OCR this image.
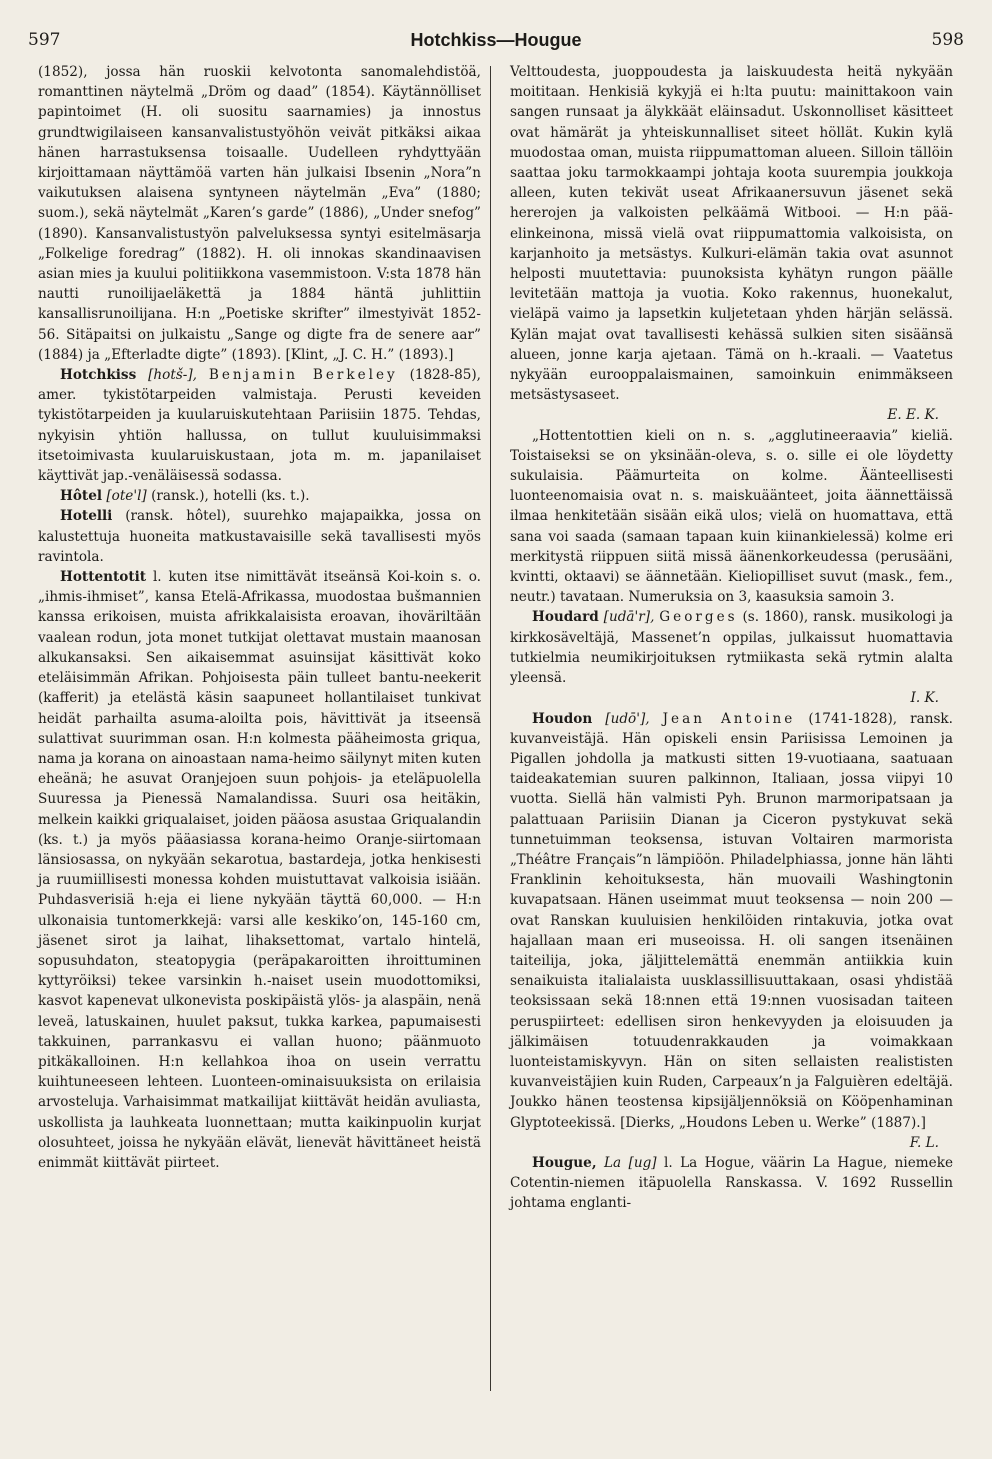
597	Hotchkiss—Hougue	598

(1852), jossa hän ruoskii kelvotonta sanomalehdistöä, romanttinen näytelmä „Dröm og daad” (1854). Käytännölliset papintoimet (H. oli suositu saarnamies) ja innostus grundtwigilaiseen kansanvalistustyöhön veivät pitkäksi aikaa hänen harrastuksensa toisaalle. Uudelleen ryhdyttyään kirjoittamaan näyttämöä varten hän julkaisi Ibsenin „Nora”n vaikutuksen alaisena syntyneen näytelmän „Eva” (1880; suom.), sekä näytelmät „Karen’s garde” (1886), „Under snefog” (1890). Kansanvalistustyön palveluksessa syntyi esitelmäsarja „Folkelige foredrag” (1882). H. oli innokas skandinaavisen asian mies ja kuului politiikkona vasemmistoon. V:sta 1878 hän nautti runoilijaeläkettä ja 1884 häntä juhlittiin kansallisrunoilijana. H:n „Poetiske skrifter” ilmestyivät 1852-56. Sitäpaitsi on julkaistu „Sange og digte fra de senere aar” (1884) ja „Efterladte digte” (1893). [Klint, „J. C. H.” (1893).]

Hotchkiss [hotš-], Benjamin Berkeley (1828-85), amer. tykistötarpeiden valmistaja. Perusti keveiden tykistötarpeiden ja kuularuiskutehtaan Pariisiin 1875. Tehdas, nykyisin yhtiön hallussa, on tullut kuuluisimmaksi itsetoimivasta kuularuiskustaan, jota m. m. japanilaiset käyttivät jap.-venäläisessä sodassa.

Hôtel [ote'l] (ransk.), hotelli (ks. t.).

Hotelli (ransk. hôtel), suurehko majapaikka, jossa on kalustettuja huoneita matkustavaisille sekä tavallisesti myös ravintola.

Hottentotit l. kuten itse nimittävät itseänsä Koi-koin s. o. „ihmis-ihmiset”, kansa Etelä-Afrikassa, muodostaa bušmannien kanssa erikoisen, muista afrikkalaisista eroavan, ihoväriltään vaalean rodun, jota monet tutkijat olettavat mustain maanosan alkukansaksi. Sen aikaisemmat asuinsijat käsittivät koko eteläisimmän Afrikan. Pohjoisesta päin tulleet bantu-neekerit (kafferit) ja etelästä käsin saapuneet hollantilaiset tunkivat heidät parhailta asuma-aloilta pois, hävittivät ja itseensä sulattivat suurimman osan. H:n kolmesta pääheimosta griqua, nama ja korana on ainoastaan nama-heimo säilynyt miten kuten eheänä; he asuvat Oranjejoen suun pohjois- ja eteläpuolella Suuressa ja Pienessä Namalandissa. Suuri osa heitäkin, melkein kaikki griqualaiset, joiden pääosa asustaa Griqualandin (ks. t.) ja myös pääasiassa korana-heimo Oranje-siirtomaan länsiosassa, on nykyään sekarotua, bastardeja, jotka henkisesti ja ruumiillisesti monessa kohden muistuttavat valkoisia isiään. Puhdasverisiä h:eja ei liene nykyään täyttä 60,000. — H:n ulkonaisia tuntomerkkejä: varsi alle keskiko’on, 145-160 cm, jäsenet sirot ja laihat, lihaksettomat, vartalo hintelä, sopusuhdaton, steatopygia (peräpakaroitten ihroittuminen kyttyröiksi) tekee varsinkin h.-naiset usein muodottomiksi, kasvot kapenevat ulkonevista poskipäistä ylös- ja alaspäin, nenä leveä, latuskainen, huulet paksut, tukka karkea, papumaisesti takkuinen, parrankasvu ei vallan huono; päänmuoto pitkäkalloinen. H:n kellahkoa ihoa on usein verrattu kuihtuneeseen lehteen. Luonteen-ominaisuuksista on erilaisia arvosteluja. Varhaisimmat matkailijat kiittävät heidän avuliasta, uskollista ja lauhkeata luonnettaan; mutta kaikinpuolin kurjat olosuhteet, joissa he nykyään elävät, lienevät hävittäneet heistä enimmät kiittävät piirteet.

Velttoudesta, juoppoudesta ja laiskuudesta heitä nykyään moititaan. Henkisiä kykyjä ei h:lta puutu: mainittakoon vain sangen runsaat ja älykkäät eläinsadut. Uskonnolliset käsitteet ovat hämärät ja yhteiskunnalliset siteet höllät. Kukin kylä muodostaa oman, muista riippumattoman alueen. Silloin tällöin saattaa joku tarmokkaampi johtaja koota suurempia joukkoja alleen, kuten tekivät useat Afrikaanersuvun jäsenet sekä hererojen ja valkoisten pelkäämä Witbooi. — H:n pää-elinkeinona, missä vielä ovat riippumattomia valkoisista, on karjanhoito ja metsästys. Kulkuri-elämän takia ovat asunnot helposti muutettavia: puunoksista kyhätyn rungon päälle levitetään mattoja ja vuotia. Koko rakennus, huonekalut, vieläpä vaimo ja lapsetkin kuljetetaan yhden härjän selässä. Kylän majat ovat tavallisesti kehässä sulkien siten sisäänsä alueen, jonne karja ajetaan. Tämä on h.-kraali. — Vaatetus nykyään eurooppalaismainen, samoinkuin enimmäkseen metsästysaseet.

E. E. K.

„Hottentottien kieli on n. s. „agglutineeraavia” kieliä. Toistaiseksi se on yksinään-oleva, s. o. sille ei ole löydetty sukulaisia. Päämurteita on kolme. Äänteellisesti luonteenomaisia ovat n. s. maiskuäänteet, joita äännettäissä ilmaa henkitetään sisään eikä ulos; vielä on huomattava, että sana voi saada (samaan tapaan kuin kiinankielessä) kolme eri merkitystä riippuen siitä missä äänenkorkeudessa (perusääni, kvintti, oktaavi) se äännetään. Kieliopilliset suvut (mask., fem., neutr.) tavataan. Numeruksia on 3, kaasuksia samoin 3.

Houdard [udā'r], Georges (s. 1860), ransk. musikologi ja kirkkosäveltäjä, Massenet’n oppilas, julkaissut huomattavia tutkielmia neumikirjoituksen rytmiikasta sekä rytmin alalta yleensä.

I. K.

Houdon [udō'], Jean Antoine (1741-1828), ransk. kuvanveistäjä. Hän opiskeli ensin Pariisissa Lemoinen ja Pigallen johdolla ja matkusti sitten 19-vuotiaana, saatuaan taideakatemian suuren palkinnon, Italiaan, jossa viipyi 10 vuotta. Siellä hän valmisti Pyh. Brunon marmoripatsaan ja palattuaan Pariisiin Dianan ja Ciceron pystykuvat sekä tunnetuimman teoksensa, istuvan Voltairen marmorista „Théâtre Français”n lämpiöön. Philadelphiassa, jonne hän lähti Franklinin kehoituksesta, hän muovaili Washingtonin kuvapatsaan. Hänen useimmat muut teoksensa — noin 200 — ovat Ranskan kuuluisien henkilöiden rintakuvia, jotka ovat hajallaan maan eri museoissa. H. oli sangen itsenäinen taiteilija, joka, jäljittelemättä enemmän antiikkia kuin senaikuista italialaista uusklassillisuuttakaan, osasi yhdistää teoksissaan sekä 18:nnen että 19:nnen vuosisadan taiteen peruspiirteet: edellisen siron henkevyyden ja eloisuuden ja jälkimäisen totuudenrakkauden ja voimakkaan luonteistamiskyvyn. Hän on siten sellaisten realististen kuvanveistäjien kuin Ruden, Carpeaux’n ja Falguièren edeltäjä. Joukko hänen teostensa kipsijäljennöksiä on Kööpenhaminan Glyptoteekissä. [Dierks, „Houdons Leben u. Werke” (1887).]

F. L.

Hougue, La [ug] l. La Hogue, väärin La Hague, niemeke Cotentin-niemen itäpuolella Ranskassa. V. 1692 Russellin johtama englanti-
